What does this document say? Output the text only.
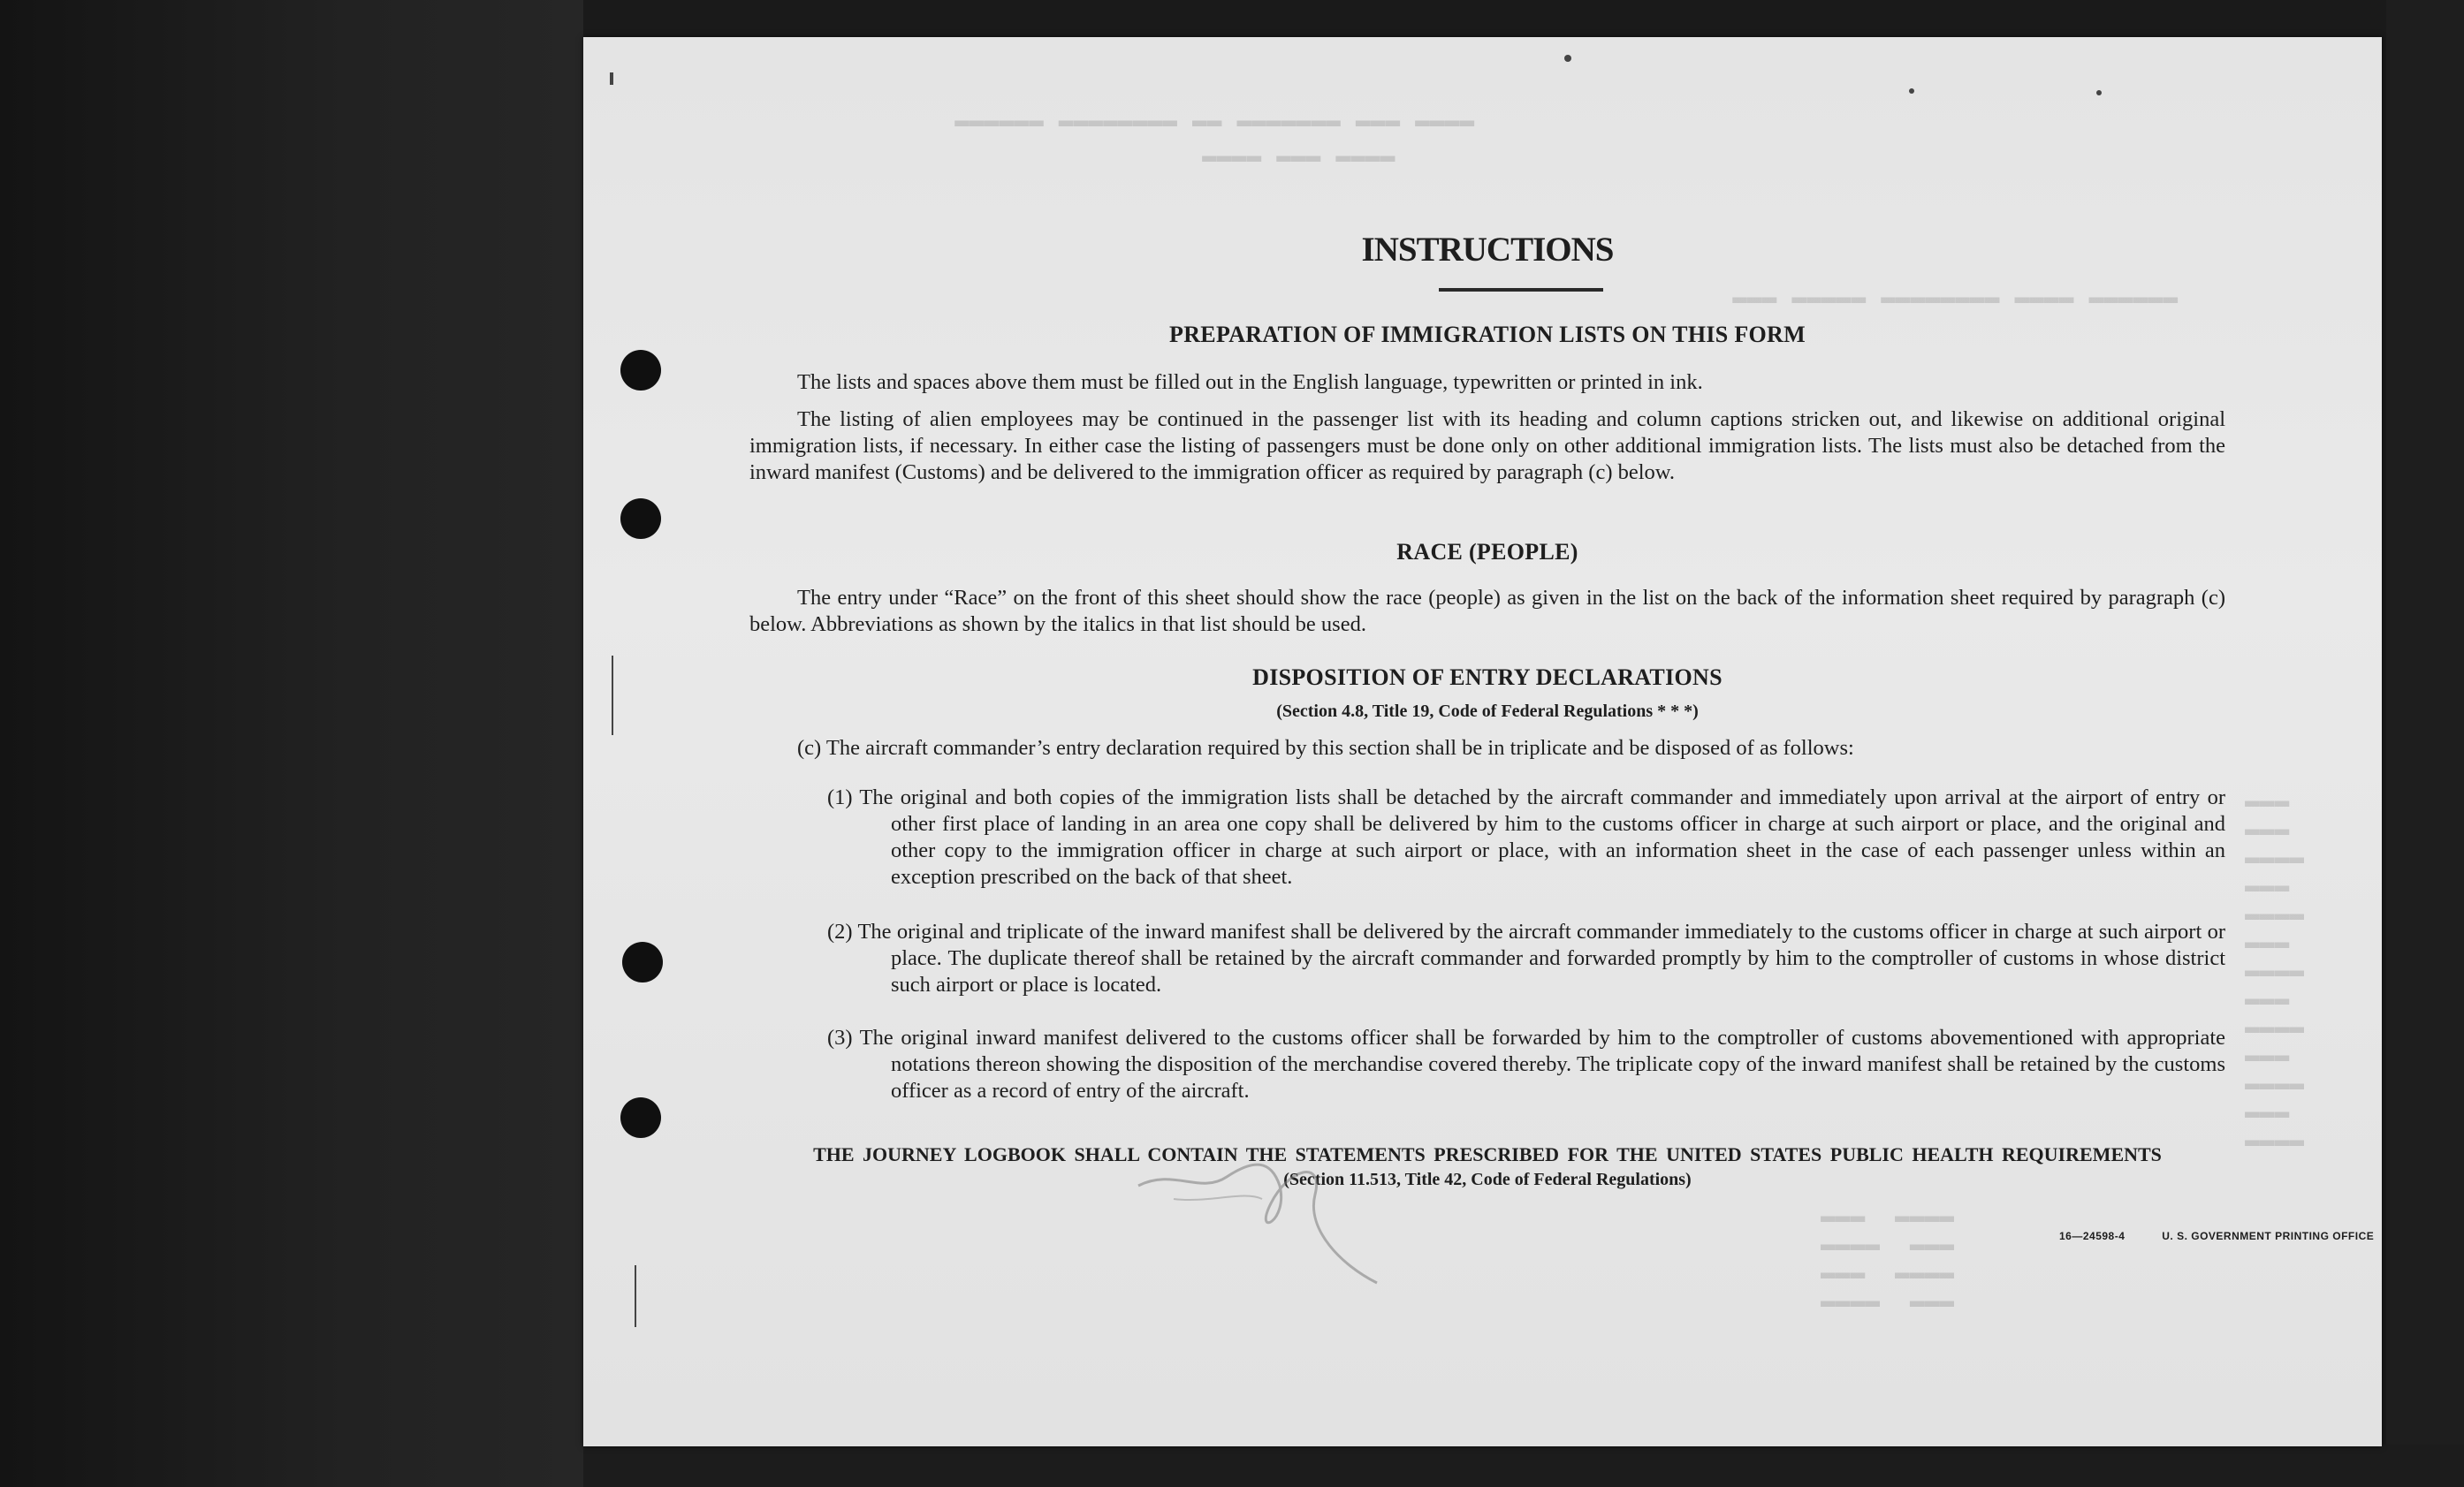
▬▬▬▬ ▬▬▬ ▬▬▬▬▬▬▬ ▬▬ ▬▬▬▬▬▬▬▬ ▬▬▬▬▬▬
▬▬▬▬ ▬▬▬ ▬▬▬▬
▬▬▬▬▬▬ ▬▬▬▬ ▬▬▬▬▬▬▬▬ ▬▬▬▬▬ ▬▬▬
▬▬▬
▬▬▬
▬▬▬▬
▬▬▬
▬▬▬▬
▬▬▬
▬▬▬▬
▬▬▬
▬▬▬▬
▬▬▬
▬▬▬▬
▬▬▬
▬▬▬▬
▬▬▬  ▬▬▬▬
▬▬▬▬  ▬▬▬
▬▬▬  ▬▬▬▬
▬▬▬▬  ▬▬▬
INSTRUCTIONS
PREPARATION OF IMMIGRATION LISTS ON THIS FORM

The lists and spaces above them must be filled out in the English language, typewritten or printed in ink.

The listing of alien employees may be continued in the passenger list with its heading and column captions stricken out, and likewise on additional original immigration lists, if necessary. In either case the listing of passengers must be done only on other additional immigration lists. The lists must also be detached from the inward manifest (Customs) and be delivered to the immigration officer as required by paragraph (c) below.

RACE (PEOPLE)

The entry under “Race” on the front of this sheet should show the race (people) as given in the list on the back of the information sheet required by paragraph (c) below. Abbreviations as shown by the italics in that list should be used.

DISPOSITION OF ENTRY DECLARATIONS

(Section 4.8, Title 19, Code of Federal Regulations * * *)

(c) The aircraft commander’s entry declaration required by this section shall be in triplicate and be disposed of as follows:

(1) The original and both copies of the immigration lists shall be detached by the aircraft commander and immediately upon arrival at the airport of entry or other first place of landing in an area one copy shall be delivered by him to the customs officer in charge at such airport or place, and the original and other copy to the immigration officer in charge at such airport or place, with an information sheet in the case of each passenger unless within an exception prescribed on the back of that sheet.

(2) The original and triplicate of the inward manifest shall be delivered by the aircraft commander immediately to the customs officer in charge at such airport or place. The duplicate thereof shall be retained by the aircraft commander and forwarded promptly by him to the comptroller of customs in whose district such airport or place is located.

(3) The original inward manifest delivered to the customs officer shall be forwarded by him to the comptroller of customs abovementioned with appropriate notations thereon showing the disposition of the merchandise covered thereby. The triplicate copy of the inward manifest shall be retained by the customs officer as a record of entry of the aircraft.

THE JOURNEY LOGBOOK SHALL CONTAIN THE STATEMENTS PRESCRIBED FOR THE UNITED STATES PUBLIC HEALTH REQUIREMENTS

(Section 11.513, Title 42, Code of Federal Regulations)

16—24598-4	U. S. GOVERNMENT PRINTING OFFICE
